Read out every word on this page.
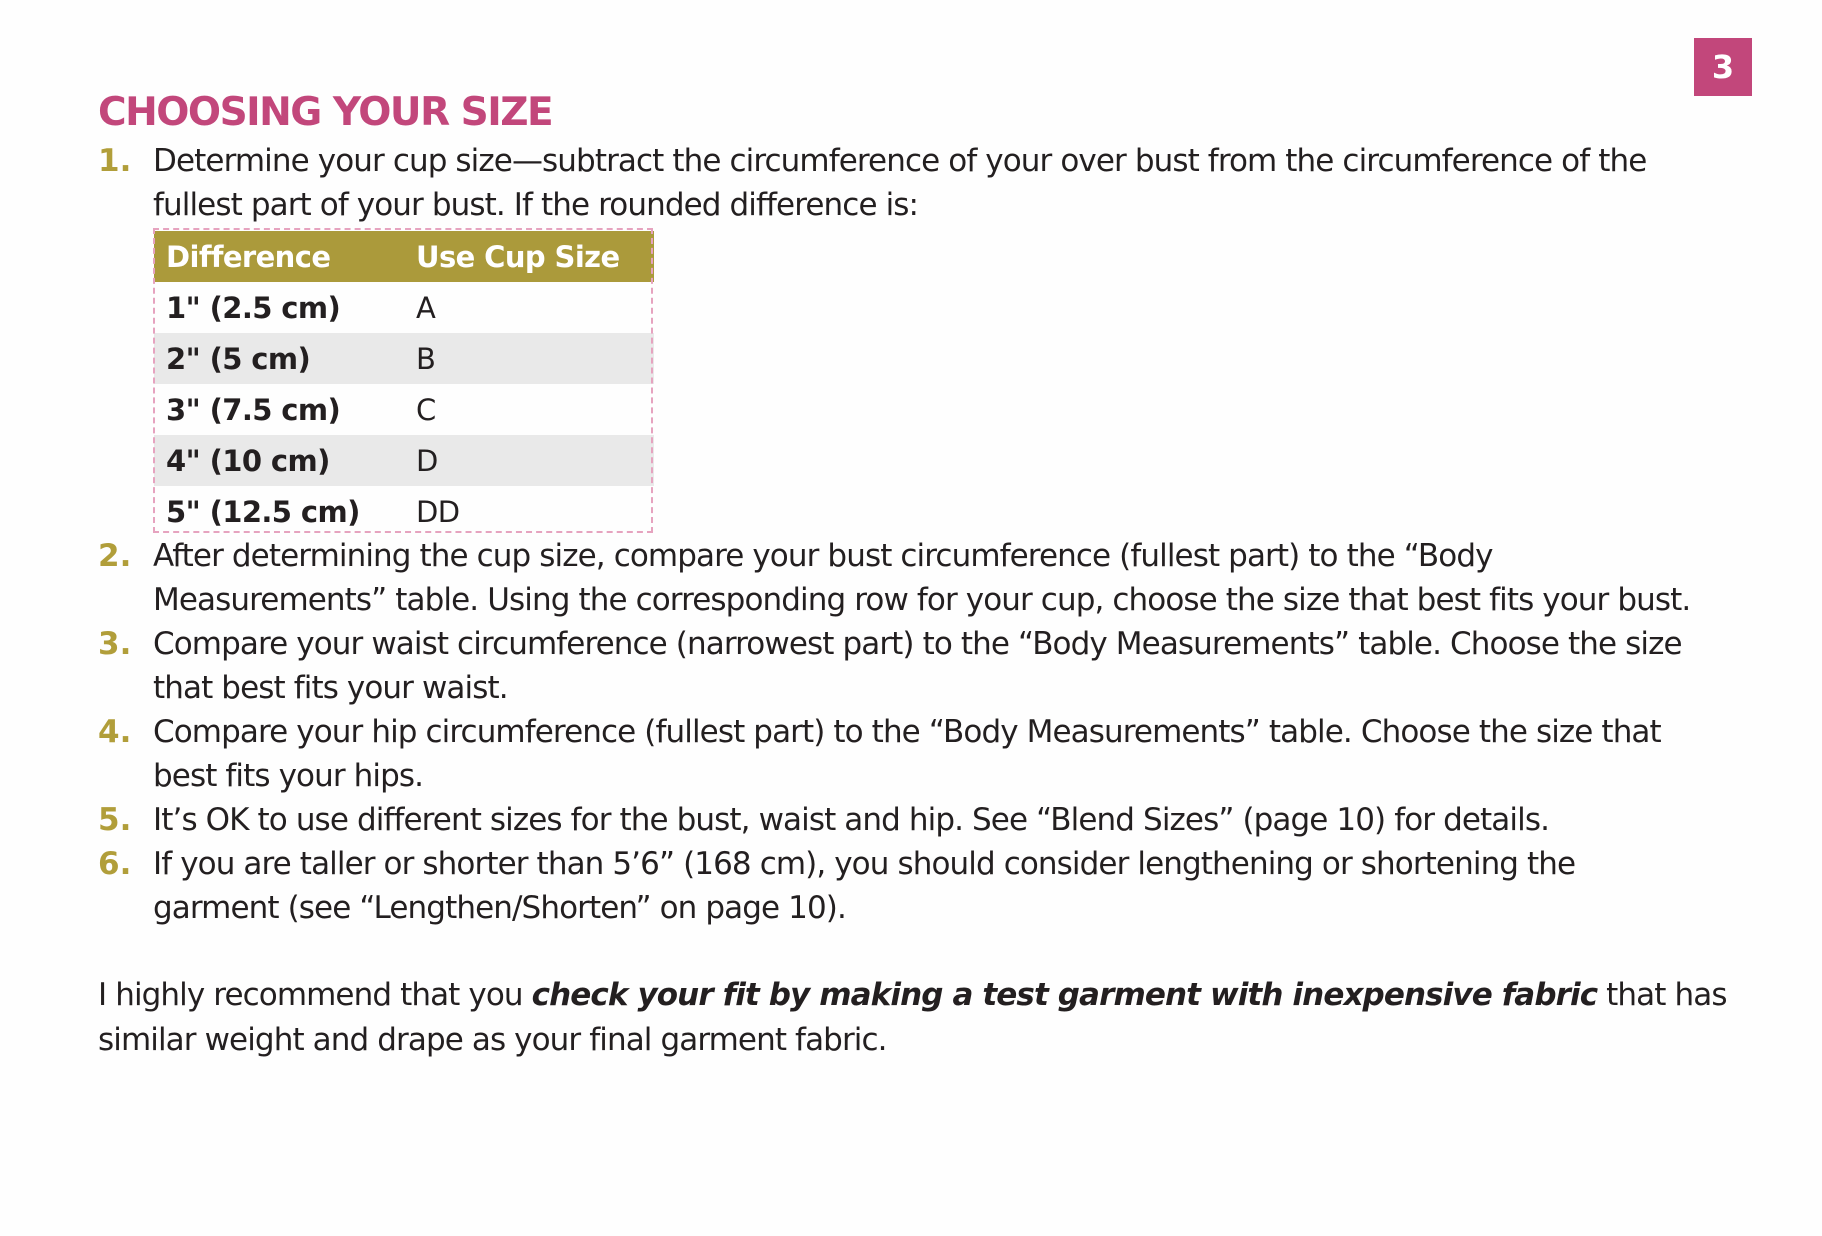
3
CHOOSING YOUR SIZE
1. Determine your cup size—subtract the circumference of your over bust from the circumference of the
fullest part of your bust. If the rounded difference is:
2. After determining the cup size, compare your bust circumference (fullest part) to the “Body
Measurements” table. Using the corresponding row for your cup, choose the size that best fits your bust.
3. Compare your waist circumference (narrowest part) to the “Body Measurements” table. Choose the size
that best fits your waist.
4. Compare your hip circumference (fullest part) to the “Body Measurements” table. Choose the size that
best fits your hips.
5. It’s OK to use different sizes for the bust, waist and hip. See “Blend Sizes” (page 10) for details.
6. If you are taller or shorter than 5’6” (168 cm), you should consider lengthening or shortening the
garment (see “Lengthen/Shorten” on page 10).
Difference	Use Cup Size
1" (2.5 cm)	A
2" (5 cm)	B
3" (7.5 cm)	C
4" (10 cm)	D
5" (12.5 cm)	DD

I highly recommend that you check your fit by making a test garment with inexpensive fabric that has
similar weight and drape as your final garment fabric.
